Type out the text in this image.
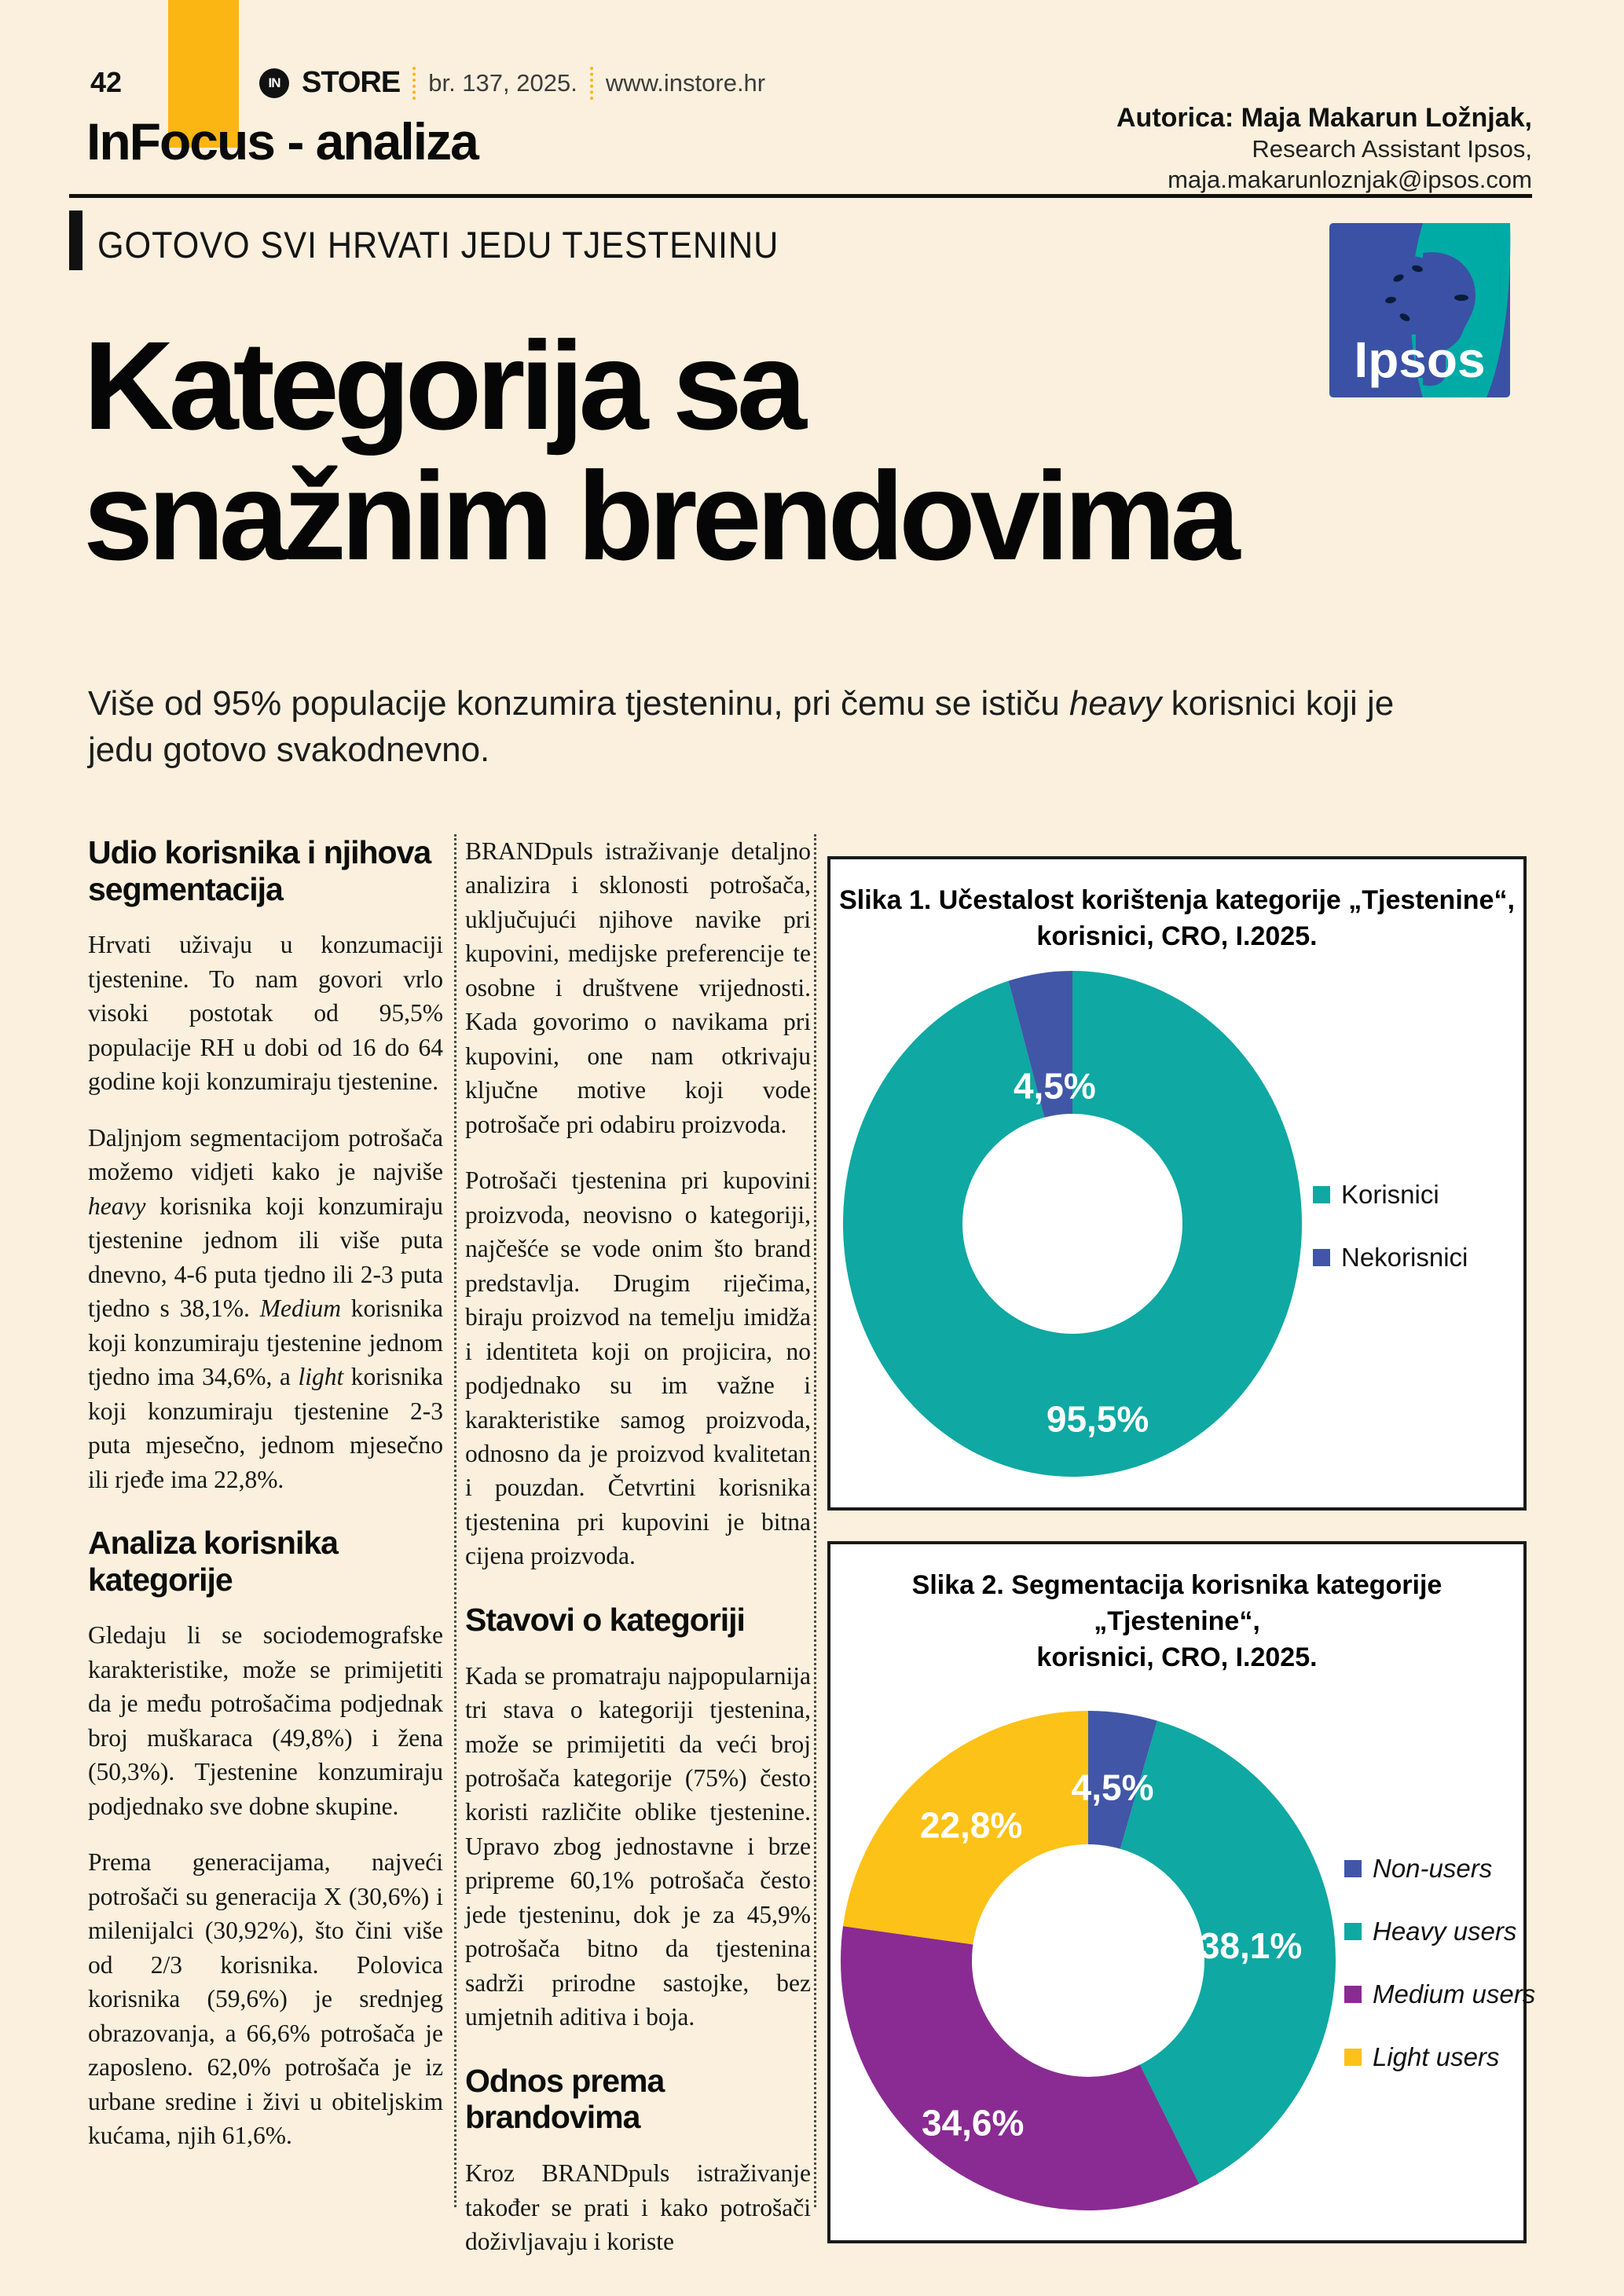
42	IN STORE br. 137, 2025. www.instore.hr
Autorica: Maja Makarun Ložnjak,
Research Assistant Ipsos,
maja.makarunloznjak@ipsos.com
InFocus - analiza
GOTOVO SVI HRVATI JEDU TJESTENINU
Ipsos
Kategorija sa
snažnim brendovima
Više od 95% populacije konzumira tjesteninu, pri čemu se ističu heavy korisnici koji je jedu gotovo svakodnevno.
Udio korisnika i njihova segmentacija

Hrvati uživaju u konzumaciji tjestenine. To nam govori vrlo visoki postotak od 95,5% populacije RH u dobi od 16 do 64 godine koji konzumiraju tjestenine.

Daljnjom segmentacijom potrošača možemo vidjeti kako je najviše heavy korisnika koji konzumiraju tjestenine jednom ili više puta dnevno, 4-6 puta tjedno ili 2-3 puta tjedno s 38,1%. Medium korisnika koji konzumiraju tjestenine jednom tjedno ima 34,6%, a light korisnika koji konzumiraju tjestenine 2-3 puta mjesečno, jednom mjesečno ili rjeđe ima 22,8%.

Analiza korisnika kategorije

Gledaju li se sociodemografske karakteristike, može se primijetiti da je među potrošačima podjednak broj muškaraca (49,8%) i žena (50,3%). Tjestenine konzumiraju podjednako sve dobne skupine.

Prema generacijama, najveći potrošači su generacija X (30,6%) i milenijalci (30,92%), što čini više od 2/3 korisnika. Polovica korisnika (59,6%) je srednjeg obrazovanja, a 66,6% potrošača je zaposleno. 62,0% potrošača je iz urbane sredine i živi u obiteljskim kućama, njih 61,6%.

BRANDpuls istraživanje detaljno analizira i sklonosti potrošača, uključujući njihove navike pri kupovini, medijske preferencije te osobne i društvene vrijednosti. Kada govorimo o navikama pri kupovini, one nam otkrivaju ključne motive koji vode potrošače pri odabiru proizvoda.

Potrošači tjestenina pri kupovini proizvoda, neovisno o kategoriji, najčešće se vode onim što brand predstavlja. Drugim riječima, biraju proizvod na temelju imidža i identiteta koji on projicira, no podjednako su im važne i karakteristike samog proizvoda, odnosno da je proizvod kvalitetan i pouzdan. Četvrtini korisnika tjestenina pri kupovini je bitna cijena proizvoda.

Stavovi o kategoriji

Kada se promatraju najpopularnija tri stava o kategoriji tjestenina, može se primijetiti da veći broj potrošača kategorije (75%) često koristi različite oblike tjestenine. Upravo zbog jednostavne i brze pripreme 60,1% potrošača često jede tjesteninu, dok je za 45,9% potrošača bitno da tjestenina sadrži prirodne sastojke, bez umjetnih aditiva i boja.

Odnos prema brandovima

Kroz BRANDpuls istraživanje također se prati i kako potrošači doživljavaju i koriste

Slika 1. Učestalost korištenja kategorije „Tjestenine“,
korisnici, CRO, I.2025.
95,5%
4,5%
Korisnici
Nekorisnici
Slika 2. Segmentacija korisnika kategorije „Tjestenine“,
korisnici, CRO, I.2025.
4,5%
38,1%
34,6%
22,8%
Non-users
Heavy users
Medium users
Light users
